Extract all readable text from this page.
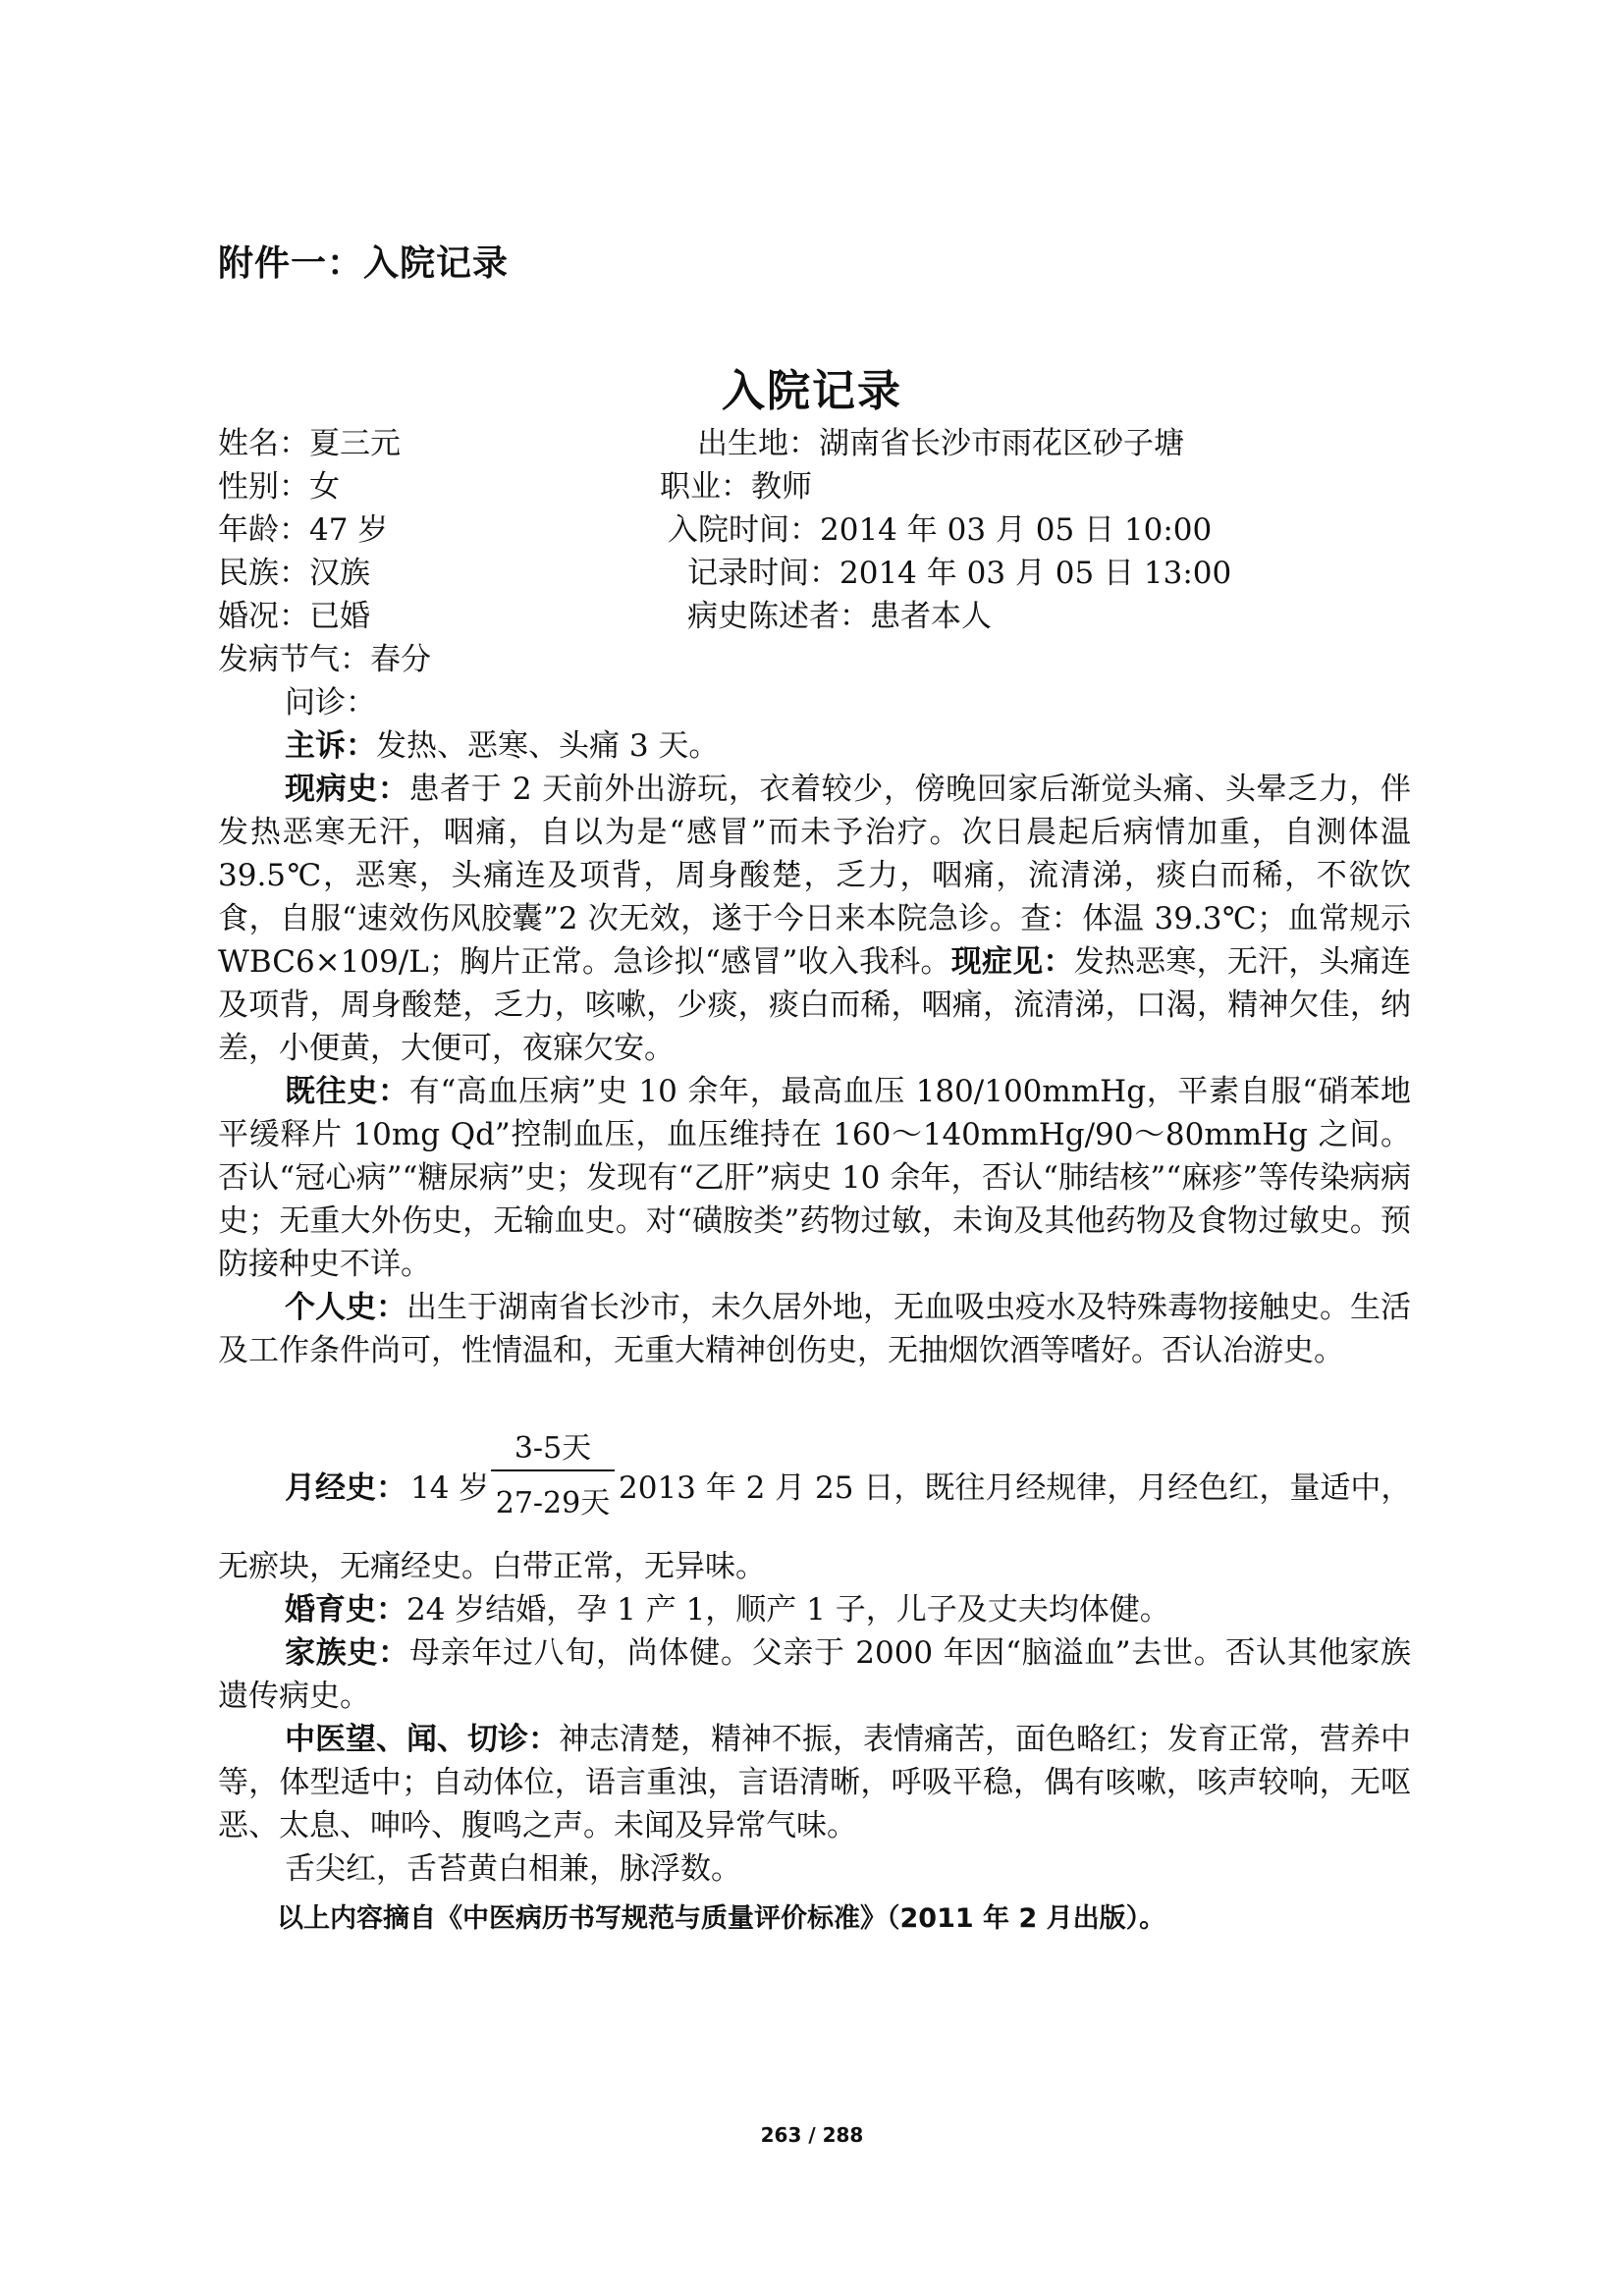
附件一：入院记录
入院记录
姓名：夏三元	出生地：湖南省长沙市雨花区砂子塘
性别：女	职业：教师
年龄：47 岁	入院时间：2014 年 03 月 05 日 10:00
民族：汉族	记录时间：2014 年 03 月 05 日 13:00
婚况：已婚	病史陈述者：患者本人
发病节气：春分
问诊：

主诉：发热、恶寒、头痛 3 天。

现病史：患者于 2 天前外出游玩，衣着较少，傍晚回家后渐觉头痛、头晕乏力，伴发热恶寒无汗，咽痛，自以为是“感冒”而未予治疗。次日晨起后病情加重，自测体温 39.5℃，恶寒，头痛连及项背，周身酸楚，乏力，咽痛，流清涕，痰白而稀，不欲饮食，自服“速效伤风胶囊”2 次无效，遂于今日来本院急诊。查：体温 39.3℃；血常规示 WBC6×109/L；胸片正常。急诊拟“感冒”收入我科。现症见：发热恶寒，无汗，头痛连及项背，周身酸楚，乏力，咳嗽，少痰，痰白而稀，咽痛，流清涕，口渴，精神欠佳，纳差，小便黄，大便可，夜寐欠安。

既往史：有“高血压病”史 10 余年，最高血压 180/100mmHg，平素自服“硝苯地平缓释片 10mg Qd”控制血压，血压维持在 160～140mmHg/90～80mmHg 之间。否认“冠心病”“糖尿病”史；发现有“乙肝”病史 10 余年，否认“肺结核”“麻疹”等传染病病史；无重大外伤史，无输血史。对“磺胺类”药物过敏，未询及其他药物及食物过敏史。预防接种史不详。

个人史：出生于湖南省长沙市，未久居外地，无血吸虫疫水及特殊毒物接触史。生活及工作条件尚可，性情温和，无重大精神创伤史，无抽烟饮酒等嗜好。否认冶游史。

月经史： 14 岁
3-5天
27-29天 2013 年 2 月 25 日，既往月经规律，月经色红，量适中，

无瘀块，无痛经史。白带正常，无异味。

婚育史：24 岁结婚，孕 1 产 1，顺产 1 子，儿子及丈夫均体健。

家族史：母亲年过八旬，尚体健。父亲于 2000 年因“脑溢血”去世。否认其他家族遗传病史。

中医望、闻、切诊：神志清楚，精神不振，表情痛苦，面色略红；发育正常，营养中等，体型适中；自动体位，语言重浊，言语清晰，呼吸平稳，偶有咳嗽，咳声较响，无呕恶、太息、呻吟、腹鸣之声。未闻及异常气味。

舌尖红，舌苔黄白相兼，脉浮数。

以上内容摘自《中医病历书写规范与质量评价标准》（2011 年 2 月出版）。
263 / 288
